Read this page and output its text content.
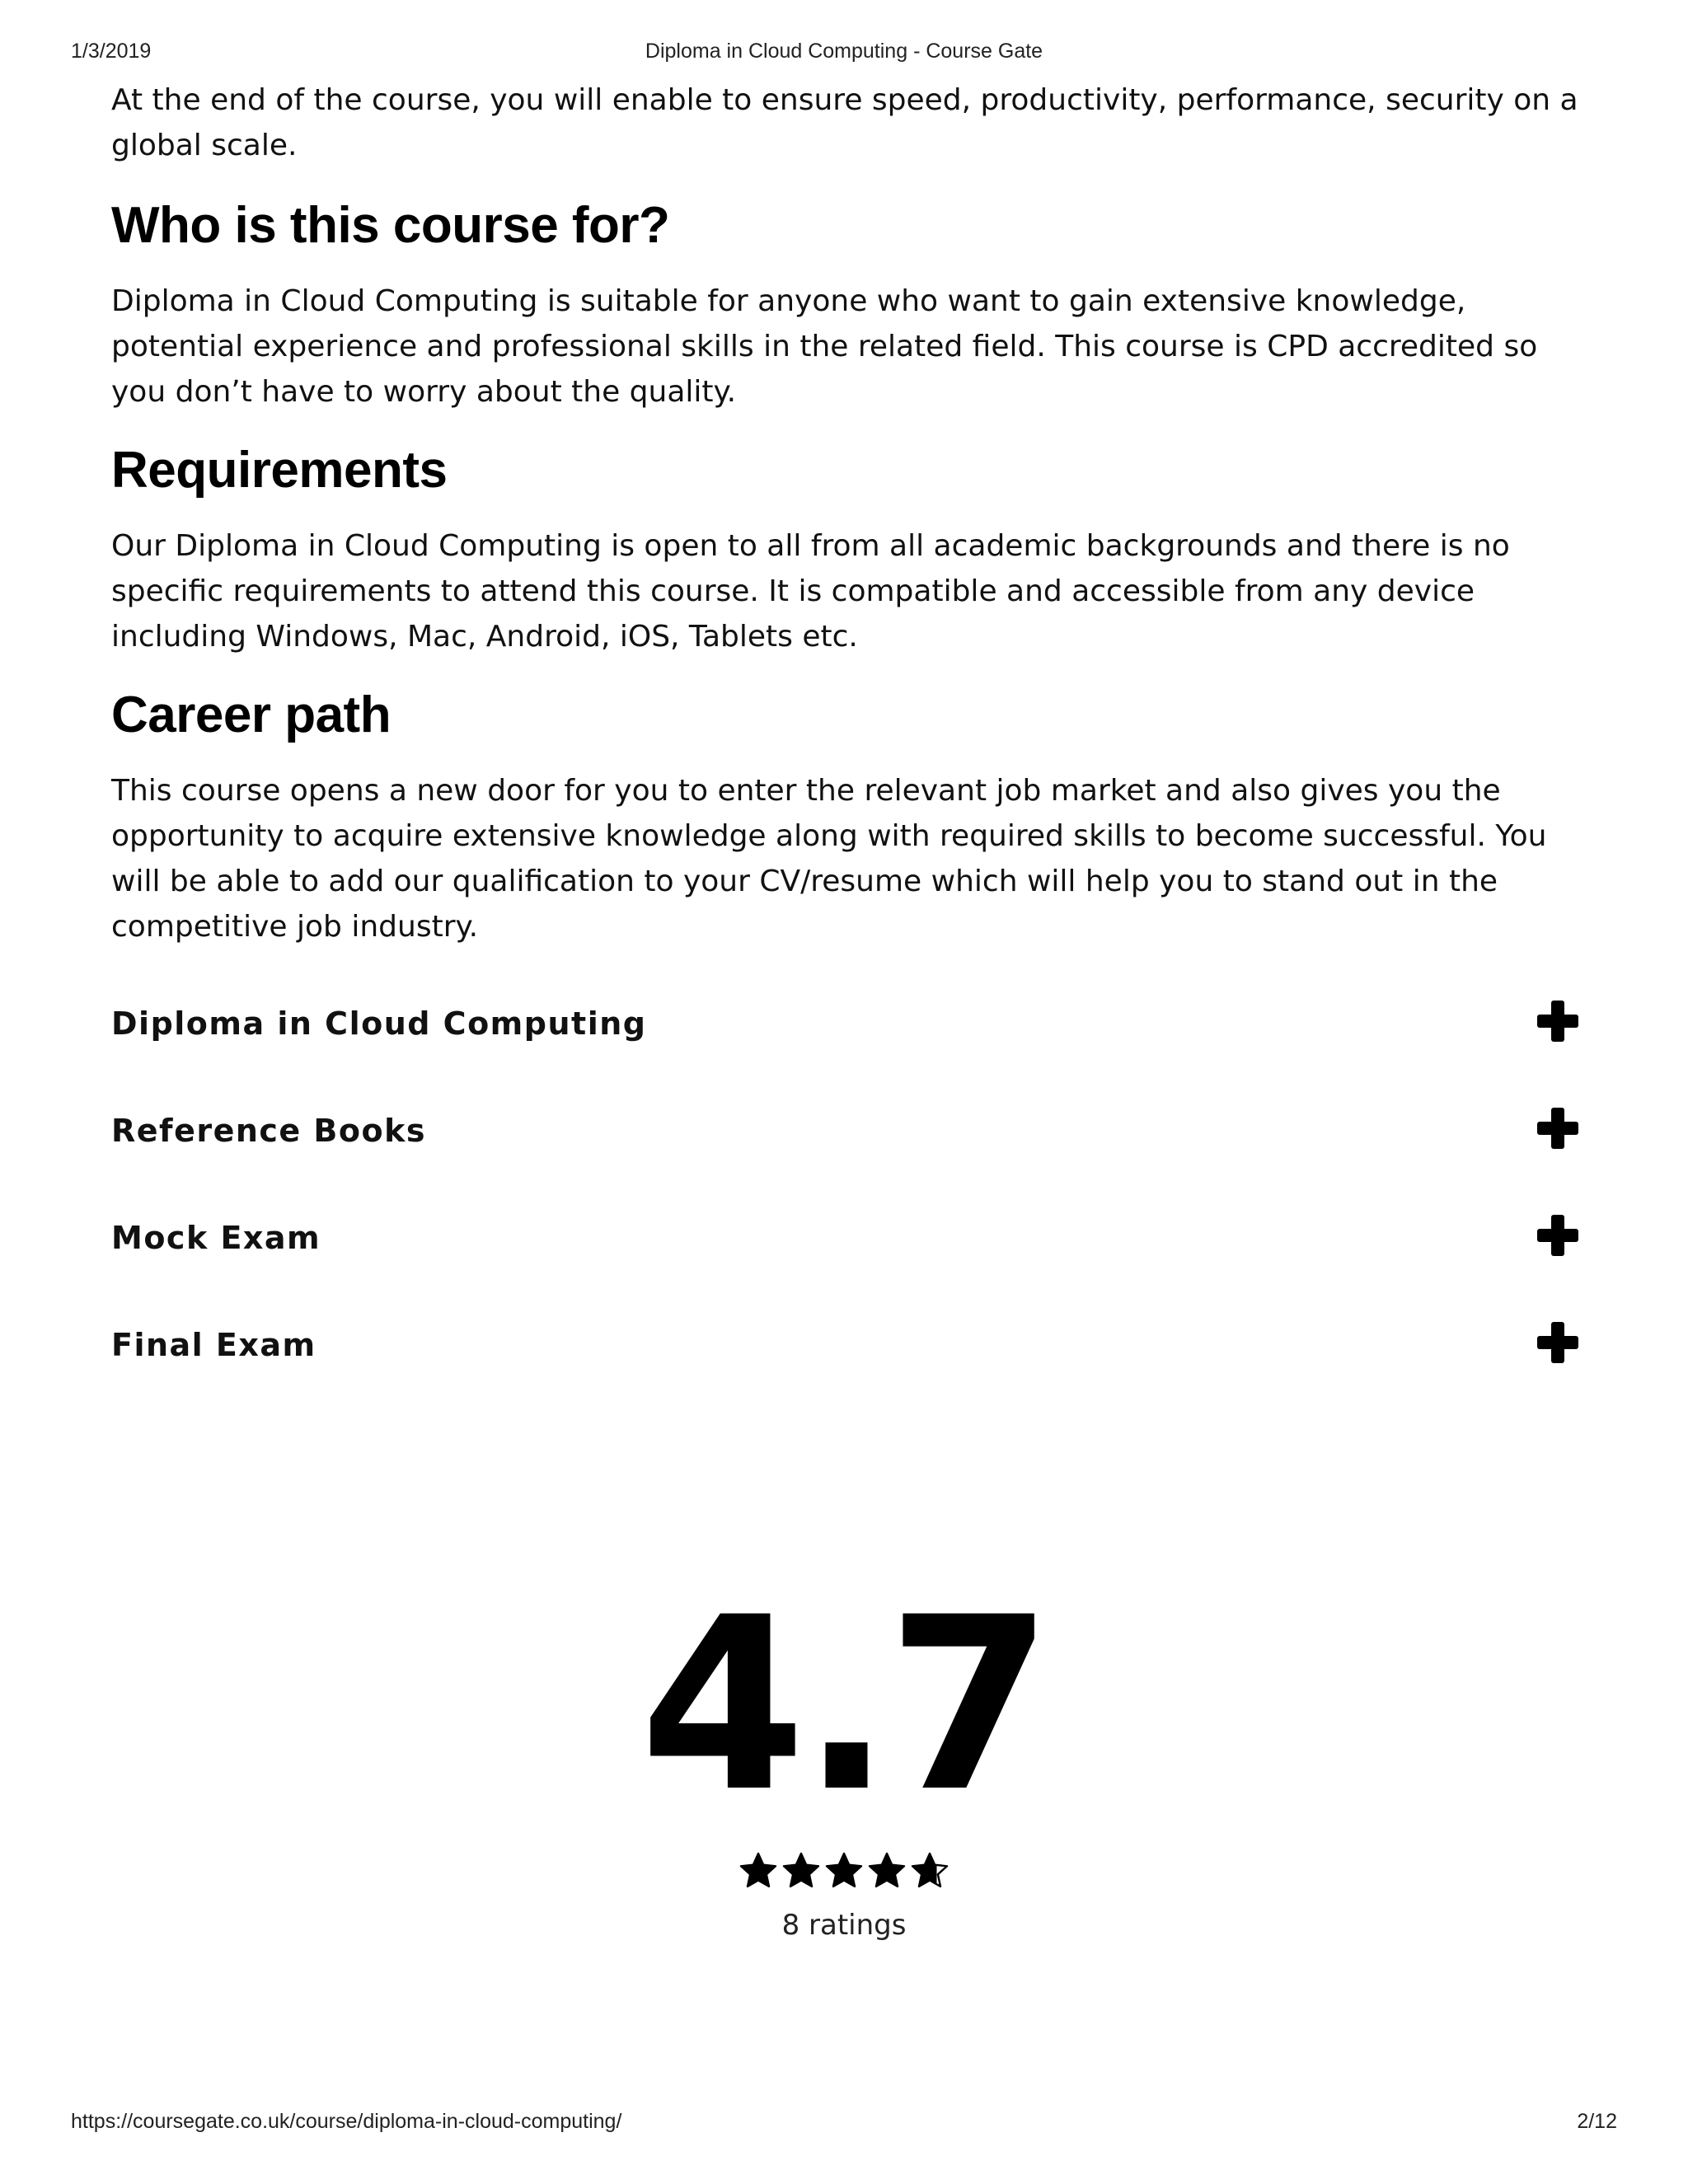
1/3/2019	Diploma in Cloud Computing - Course Gate

At the end of the course, you will enable to ensure speed, productivity, performance, security on a global scale.

Who is this course for?

Diploma in Cloud Computing is suitable for anyone who want to gain extensive knowledge, potential experience and professional skills in the related field. This course is CPD accredited so you don’t have to worry about the quality.

Requirements

Our Diploma in Cloud Computing is open to all from all academic backgrounds and there is no specific requirements to attend this course. It is compatible and accessible from any device including Windows, Mac, Android, iOS, Tablets etc.

Career path

This course opens a new door for you to enter the relevant job market and also gives you the opportunity to acquire extensive knowledge along with required skills to become successful. You will be able to add our qualification to your CV/resume which will help you to stand out in the competitive job industry.

Diploma in Cloud Computing
Reference Books
Mock Exam
Final Exam
4.7
8 ratings
https://coursegate.co.uk/course/diploma-in-cloud-computing/	2/12
